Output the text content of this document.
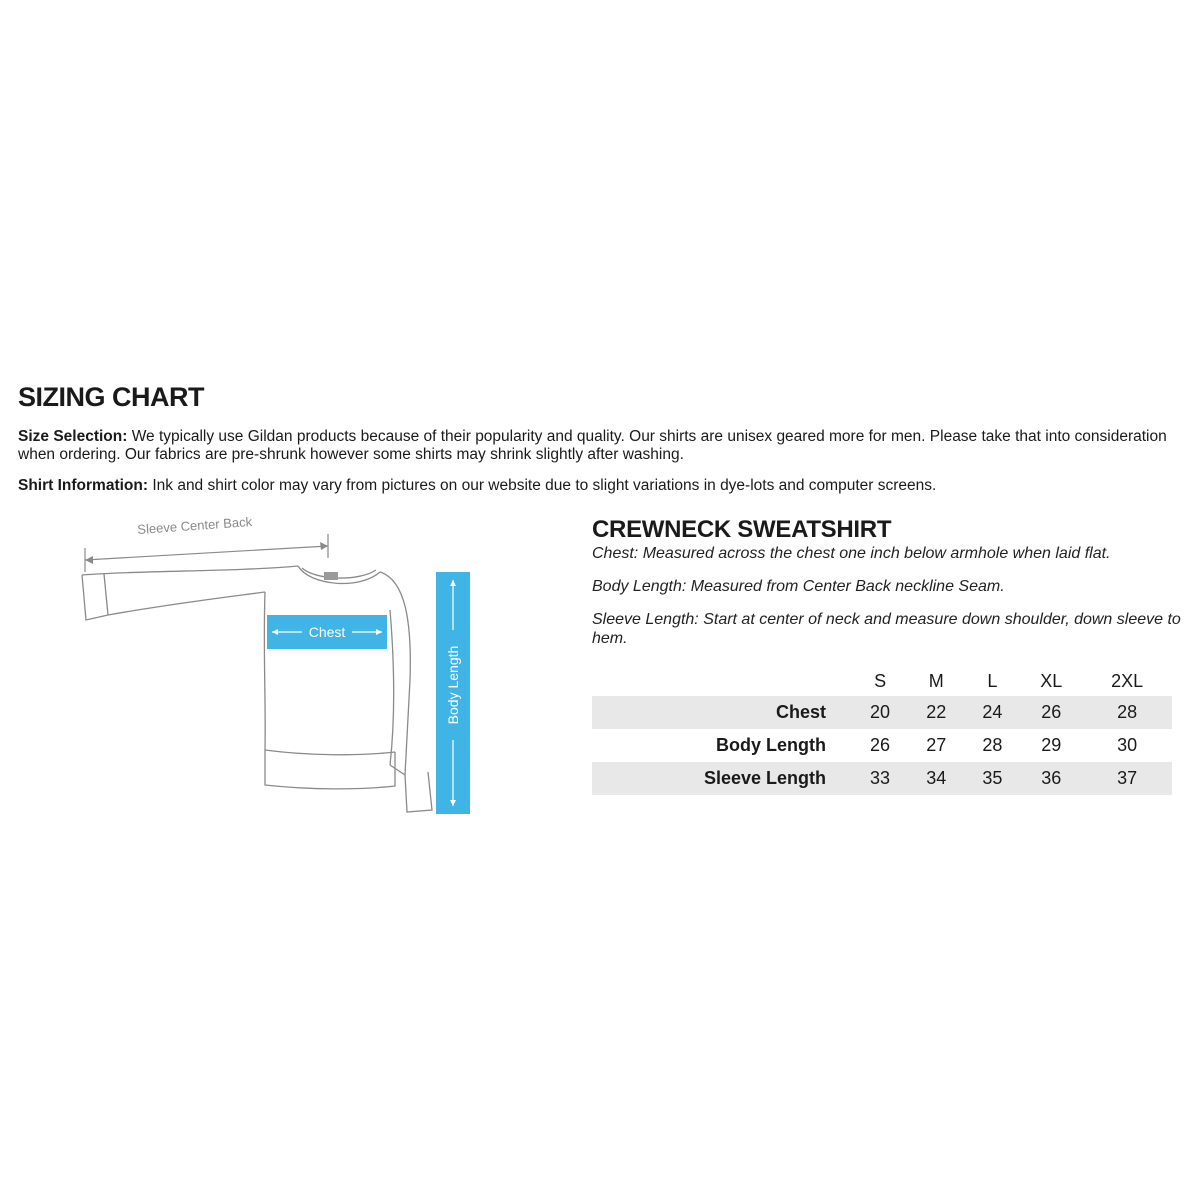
SIZING CHART

Size Selection: We typically use Gildan products because of their popularity and quality. Our shirts are unisex geared more for men. Please take that into consideration when ordering. Our fabrics are pre-shrunk however some shirts may shrink slightly after washing.

Shirt Information: Ink and shirt color may vary from pictures on our website due to slight variations in dye-lots and computer screens.

Sleeve Center Back
Chest
Body Length
CREWNECK SWEATSHIRT

Chest: Measured across the chest one inch below armhole when laid flat.

Body Length: Measured from Center Back neckline Seam.

Sleeve Length: Start at center of neck and measure down shoulder, down sleeve to hem.

	S	M	L	XL	2XL
Chest	20	22	24	26	28
Body Length	26	27	28	29	30
Sleeve Length	33	34	35	36	37
